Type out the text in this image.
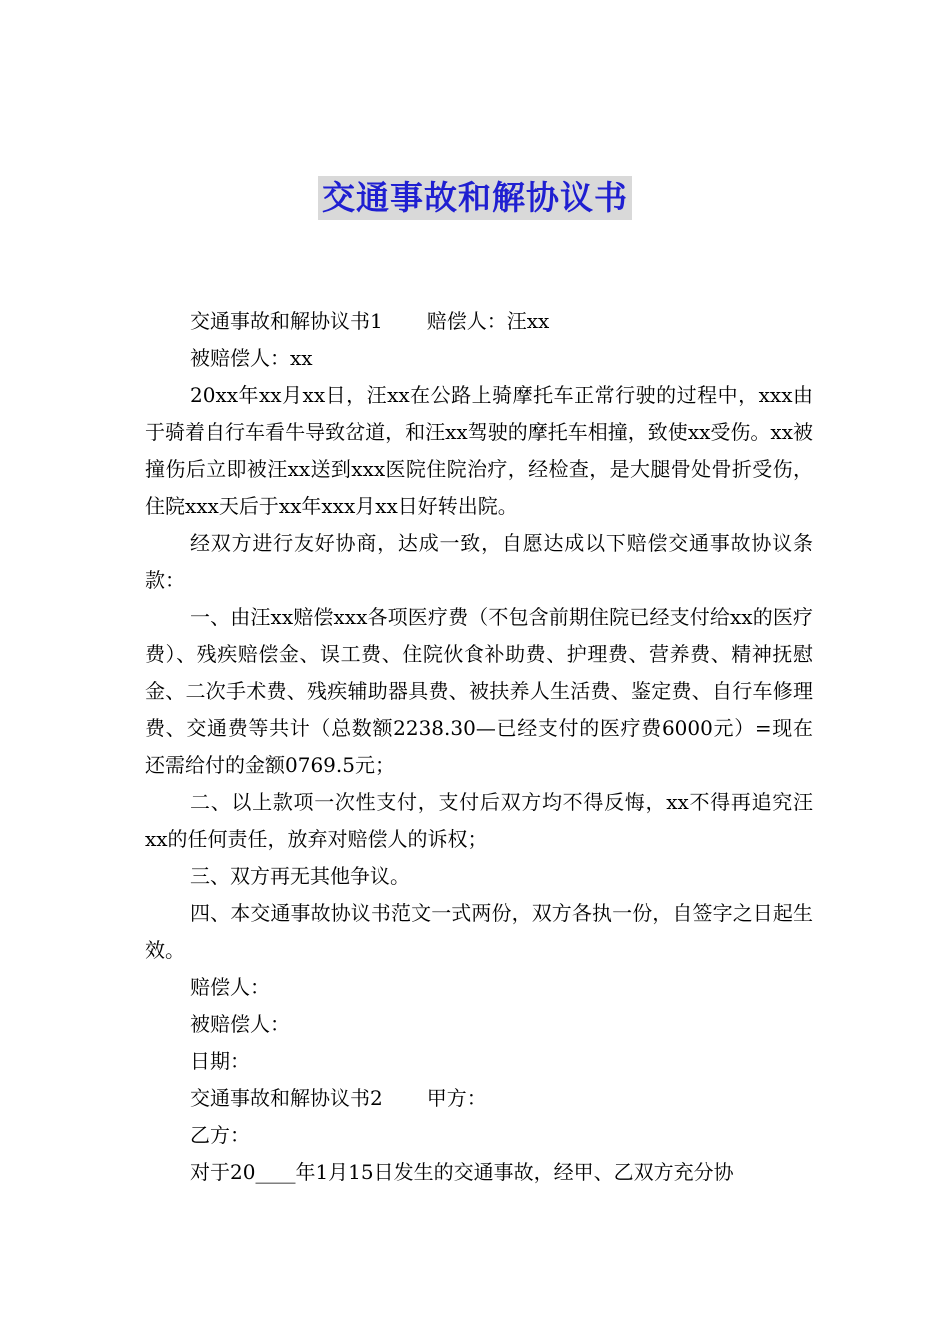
交通事故和解协议书

交通事故和解协议书1 赔偿人：汪xx

被赔偿人：xx

20xx年xx月xx日，汪xx在公路上骑摩托车正常行驶的过程中，xxx由于骑着自行车看牛导致岔道，和汪xx驾驶的摩托车相撞，致使xx受伤。xx被撞伤后立即被汪xx送到xxx医院住院治疗，经检查，是大腿骨处骨折受伤，住院xxx天后于xx年xxx月xx日好转出院。

经双方进行友好协商，达成一致，自愿达成以下赔偿交通事故协议条款：

一、由汪xx赔偿xxx各项医疗费（不包含前期住院已经支付给xx的医疗费）、残疾赔偿金、误工费、住院伙食补助费、护理费、营养费、精神抚慰金、二次手术费、残疾辅助器具费、被扶养人生活费、鉴定费、自行车修理费、交通费等共计（总数额2238.30—已经支付的医疗费6000元）=现在还需给付的金额0769.5元；

二、以上款项一次性支付，支付后双方均不得反悔，xx不得再追究汪xx的任何责任，放弃对赔偿人的诉权；

三、双方再无其他争议。

四、本交通事故协议书范文一式两份，双方各执一份，自签字之日起生效。

赔偿人：

被赔偿人：

日期：

交通事故和解协议书2 甲方：

乙方：

对于20____年1月15日发生的交通事故，经甲、乙双方充分协
